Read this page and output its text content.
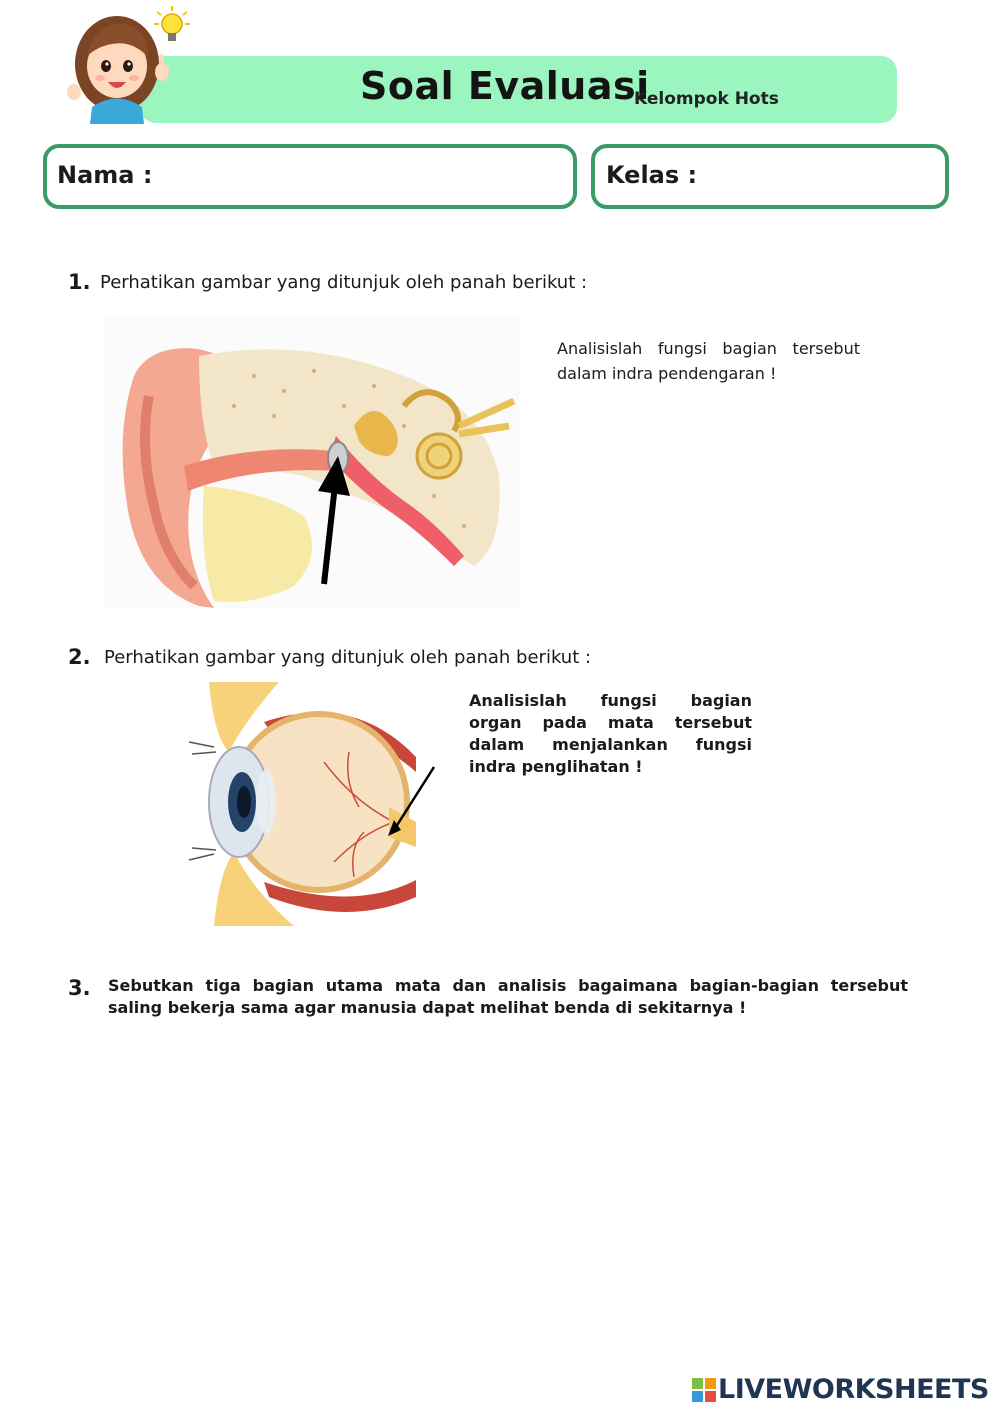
Soal Evaluasi
Kelompok Hots
Nama :	Kelas :
1. Perhatikan gambar yang ditunjuk oleh panah berikut :
Analisislah fungsi bagian tersebut dalam indra pendengaran !
2. Perhatikan gambar yang ditunjuk oleh panah berikut :
Analisislah fungsi bagian organ pada mata tersebut dalam menjalankan fungsi indra penglihatan !
3. Sebutkan tiga bagian utama mata dan analisis bagaimana bagian-bagian tersebut saling bekerja sama agar manusia dapat melihat benda di sekitarnya !
LIVEWORKSHEETS
